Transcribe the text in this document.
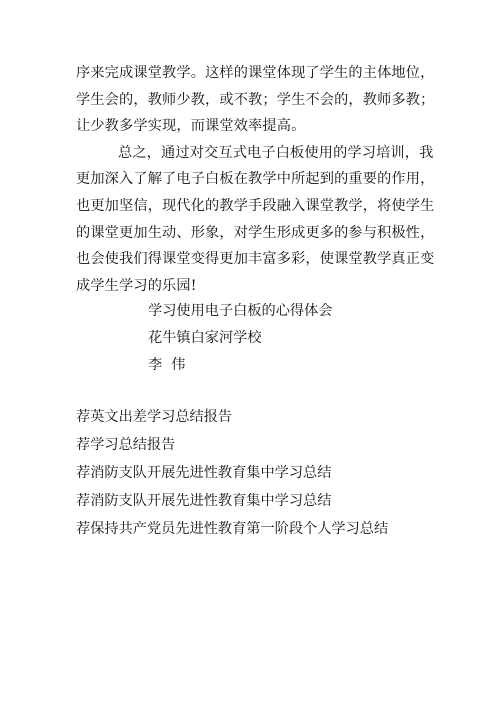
序来完成课堂教学。这样的课堂体现了学生的主体地位，
学生会的，教师少教，或不教；学生不会的，教师多教；
让少教多学实现，而课堂效率提高。
总之，通过对交互式电子白板使用的学习培训，我
更加深入了解了电子白板在教学中所起到的重要的作用，
也更加坚信，现代化的教学手段融入课堂教学，将使学生
的课堂更加生动、形象，对学生形成更多的参与积极性，
也会使我们得课堂变得更加丰富多彩，使课堂教学真正变
成学生学习的乐园!
学习使用电子白板的心得体会
花牛镇白家河学校
李  伟
荐英文出差学习总结报告
荐学习总结报告
荐消防支队开展先进性教育集中学习总结
荐消防支队开展先进性教育集中学习总结
荐保持共产党员先进性教育第一阶段个人学习总结
